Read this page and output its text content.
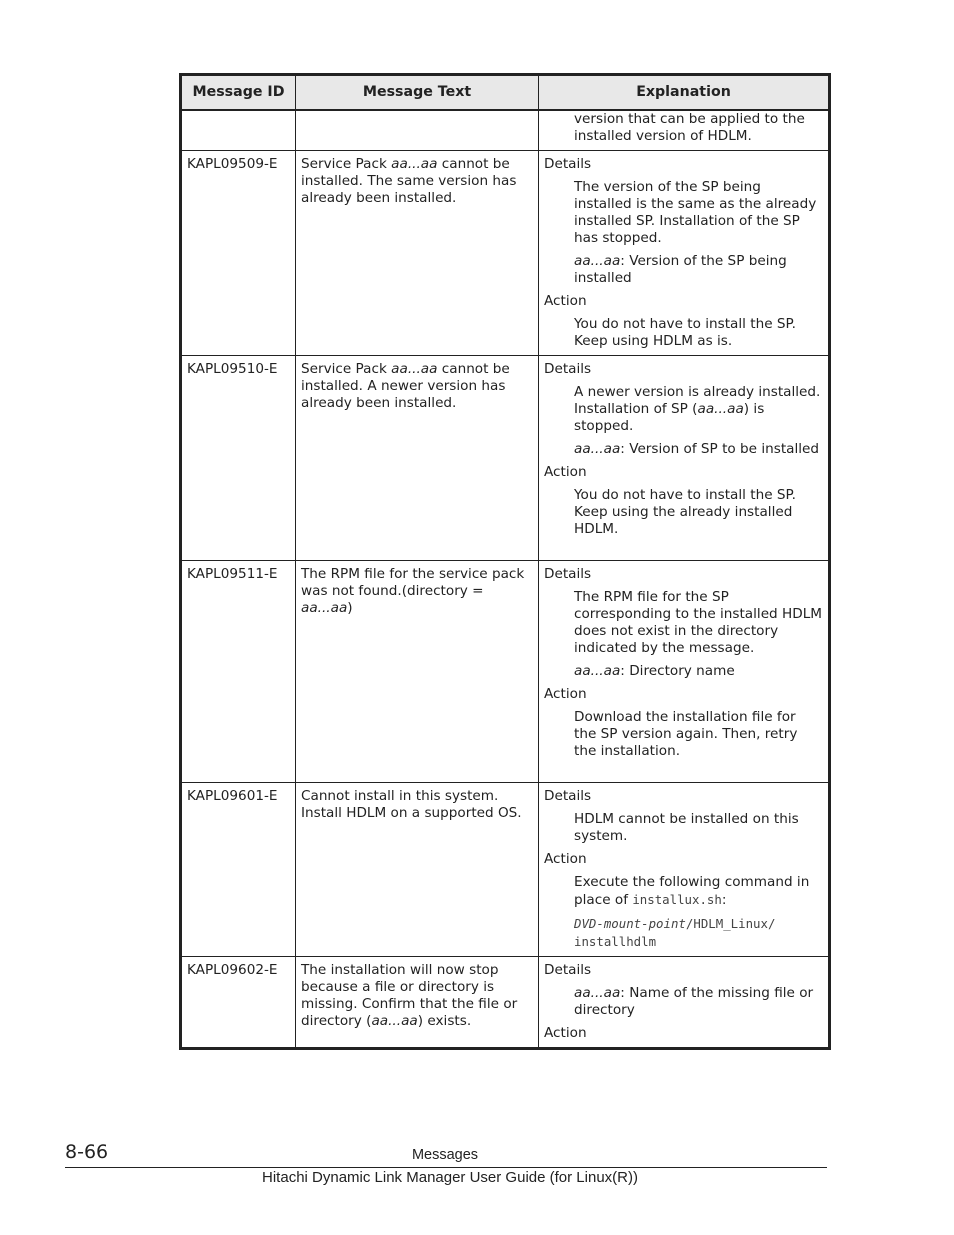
Message ID	Message Text	Explanation

		version that can be applied to the installed version of HDLM.

KAPL09509-E	Service Pack aa...aa cannot be installed. The same version has already been installed.	Details

The version of the SP being installed is the same as the already installed SP. Installation of the SP has stopped.

aa...aa: Version of the SP being installed

Action

You do not have to install the SP. Keep using HDLM as is.

KAPL09510-E	Service Pack aa...aa cannot be installed. A newer version has already been installed.	Details

A newer version is already installed. Installation of SP (aa...aa) is stopped.

aa...aa: Version of SP to be installed

Action

You do not have to install the SP. Keep using the already installed HDLM.

KAPL09511-E	The RPM file for the service pack was not found.(directory = aa...aa)	Details

The RPM file for the SP corresponding to the installed HDLM does not exist in the directory indicated by the message.

aa...aa: Directory name

Action

Download the installation file for the SP version again. Then, retry the installation.

KAPL09601-E	Cannot install in this system. Install HDLM on a supported OS.	Details

HDLM cannot be installed on this system.

Action

Execute the following command in place of installux.sh:

DVD-mount-point/HDLM_Linux/ installhdlm

KAPL09602-E	The installation will now stop because a file or directory is missing. Confirm that the file or directory (aa...aa) exists.	Details

aa...aa: Name of the missing file or directory

Action

8-66	Messages
Hitachi Dynamic Link Manager User Guide (for Linux(R))
